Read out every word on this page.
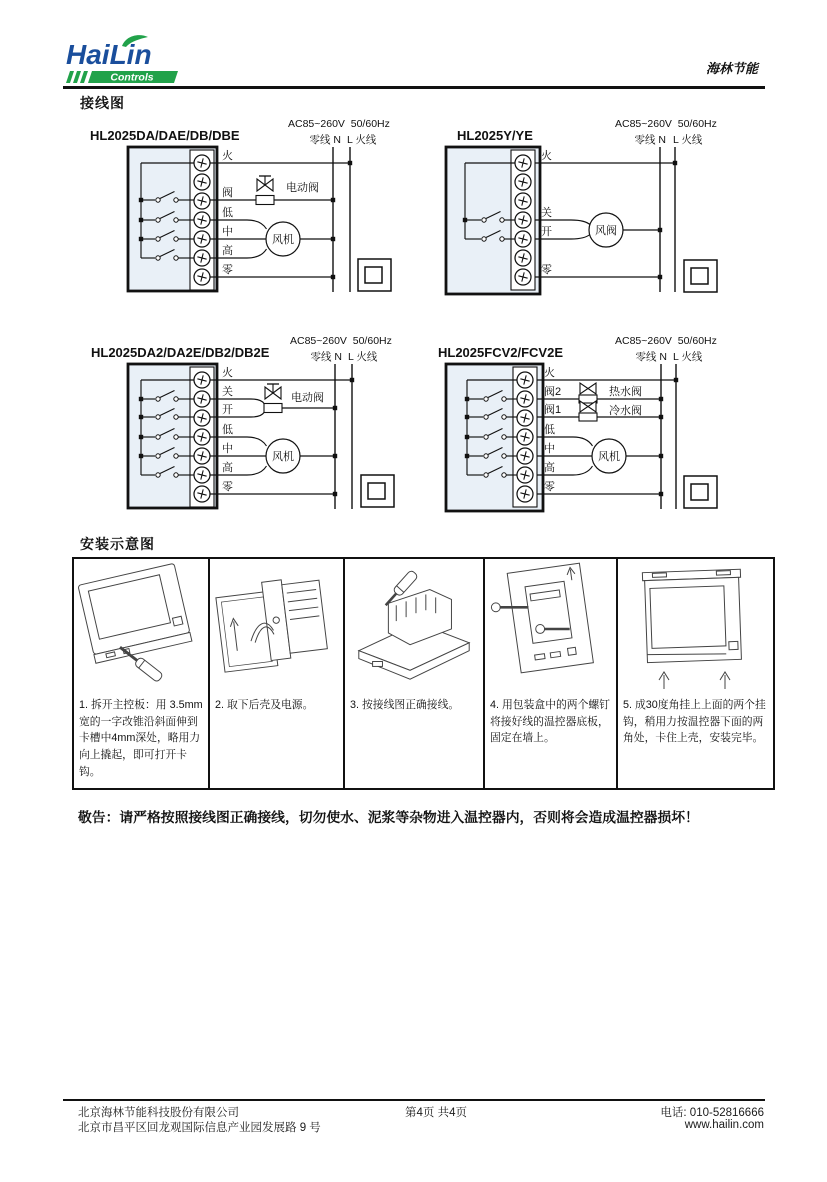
HaiLin
Controls
海林节能
接线图
HL2025DA/DAE/DB/DBE
AC85~260V  50/60Hz
零线 N L 火线
风机
火
阀
低
中
高
零
电动阀
HL2025Y/YE
AC85~260V  50/60Hz
零线 N L 火线
风阀
火
关
开
零
HL2025DA2/DA2E/DB2/DB2E
AC85~260V  50/60Hz
零线 N L 火线
风机
火
关
开
低
中
高
零
电动阀
HL2025FCV2/FCV2E
AC85~260V  50/60Hz
零线 N L 火线
风机
火
阀2
阀1
低
中
高
零
热水阀
冷水阀
安装示意图
1. 拆开主控板：用 3.5mm宽的一字改锥沿斜面伸到卡槽中4mm深处，略用力向上撬起，即可打开卡钩。
2. 取下后壳及电源。	3. 按接线图正确接线。	4. 用包装盒中的两个螺钉将接好线的温控器底板，固定在墙上。
5. 成30度角挂上上面的两个挂钩，稍用力按温控器下面的两角处，卡住上壳，安装完毕。
敬告：请严格按照接线图正确接线，切勿使水、泥浆等杂物进入温控器内，否则将会造成温控器损坏！
北京海林节能科技股份有限公司
北京市昌平区回龙观国际信息产业园发展路 9 号
第4页 共4页	电话: 010-52816666
www.hailin.com
